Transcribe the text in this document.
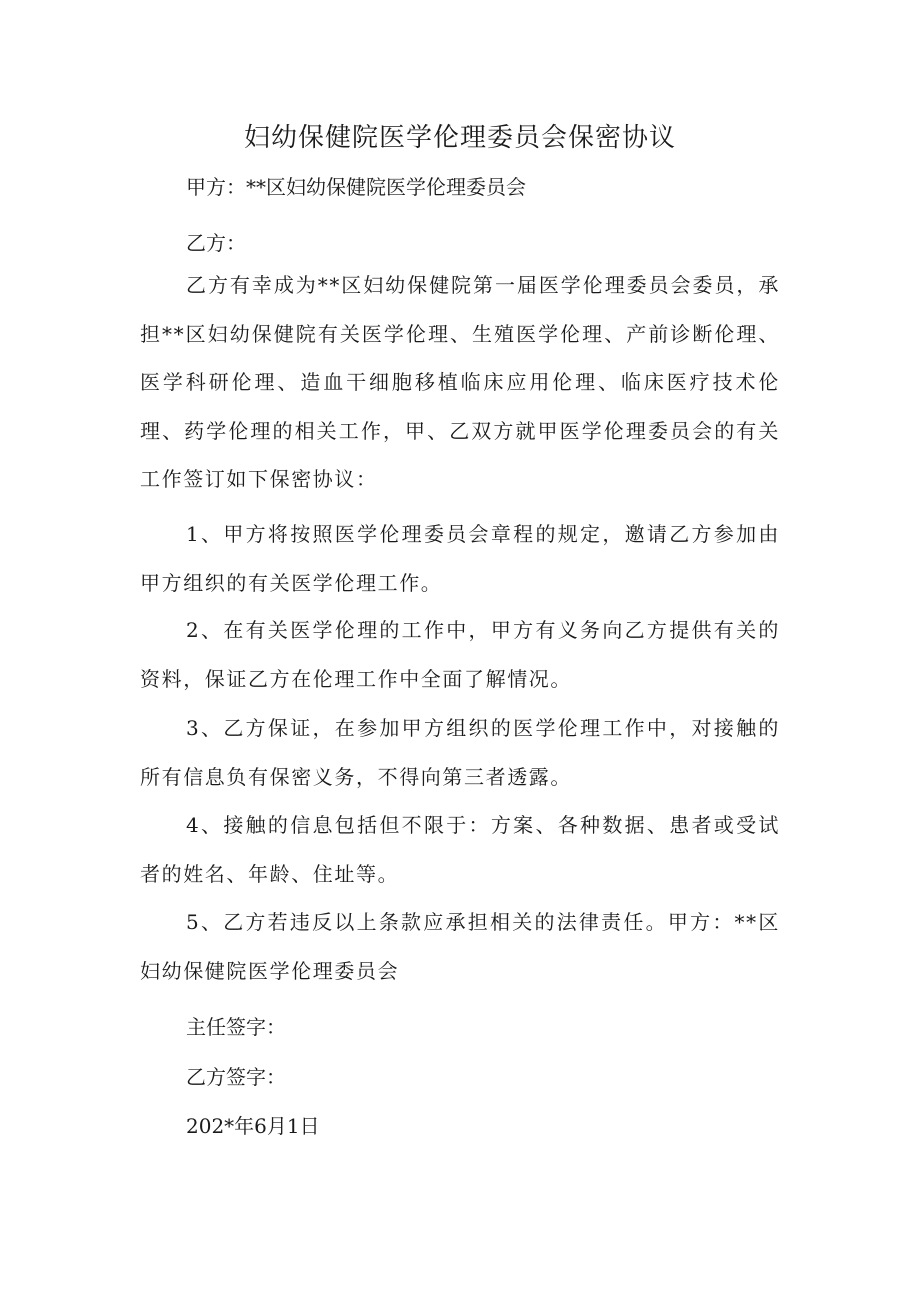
妇幼保健院医学伦理委员会保密协议
甲方：**区妇幼保健院医学伦理委员会
乙方：

乙方有幸成为**区妇幼保健院第一届医学伦理委员会委员，承担**区妇幼保健院有关医学伦理、生殖医学伦理、产前诊断伦理、医学科研伦理、造血干细胞移植临床应用伦理、临床医疗技术伦理、药学伦理的相关工作，甲、乙双方就甲医学伦理委员会的有关工作签订如下保密协议：

1、甲方将按照医学伦理委员会章程的规定，邀请乙方参加由甲方组织的有关医学伦理工作。

2、在有关医学伦理的工作中，甲方有义务向乙方提供有关的资料，保证乙方在伦理工作中全面了解情况。

3、乙方保证，在参加甲方组织的医学伦理工作中，对接触的所有信息负有保密义务，不得向第三者透露。

4、接触的信息包括但不限于：方案、各种数据、患者或受试者的姓名、年龄、住址等。

5、乙方若违反以上条款应承担相关的法律责任。甲方：**区妇幼保健院医学伦理委员会

主任签字：
乙方签字：
202*年6月1日
